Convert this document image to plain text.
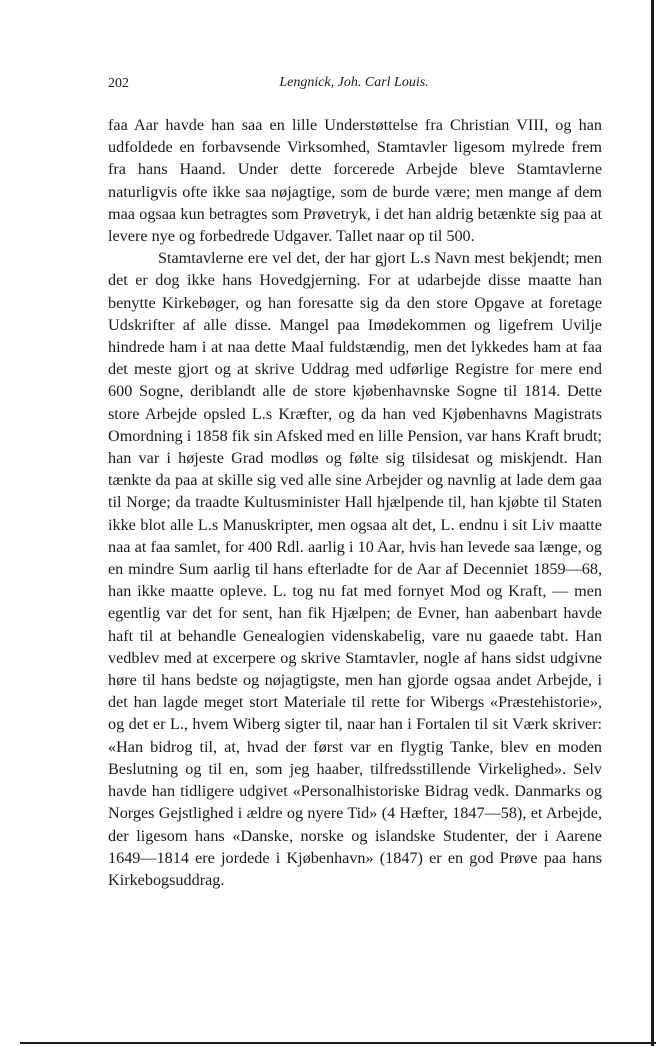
202	Lengnick, Joh. Carl Louis.

faa Aar havde han saa en lille Understøttelse fra Christian VIII, og han udfoldede en forbavsende Virksomhed, Stamtavler ligesom mylrede frem fra hans Haand. Under dette forcerede Arbejde bleve Stamtavlerne naturligvis ofte ikke saa nøjagtige, som de burde være; men mange af dem maa ogsaa kun betragtes som Prøvetryk, i det han aldrig betænkte sig paa at levere nye og forbedrede Udgaver. Tallet naar op til 500.

Stamtavlerne ere vel det, der har gjort L.s Navn mest bekjendt; men det er dog ikke hans Hovedgjerning. For at udarbejde disse maatte han benytte Kirkebøger, og han foresatte sig da den store Opgave at foretage Udskrifter af alle disse. Mangel paa Imødekommen og ligefrem Uvilje hindrede ham i at naa dette Maal fuldstændig, men det lykkedes ham at faa det meste gjort og at skrive Uddrag med udførlige Registre for mere end 600 Sogne, deriblandt alle de store kjøbenhavnske Sogne til 1814. Dette store Arbejde opsled L.s Kræfter, og da han ved Kjøbenhavns Magistrats Omordning i 1858 fik sin Afsked med en lille Pension, var hans Kraft brudt; han var i højeste Grad modløs og følte sig tilsidesat og miskjendt. Han tænkte da paa at skille sig ved alle sine Arbejder og navnlig at lade dem gaa til Norge; da traadte Kultusminister Hall hjælpende til, han kjøbte til Staten ikke blot alle L.s Manuskripter, men ogsaa alt det, L. endnu i sit Liv maatte naa at faa samlet, for 400 Rdl. aarlig i 10 Aar, hvis han levede saa længe, og en mindre Sum aarlig til hans efterladte for de Aar af Decenniet 1859—68, han ikke maatte opleve. L. tog nu fat med fornyet Mod og Kraft, — men egentlig var det for sent, han fik Hjælpen; de Evner, han aabenbart havde haft til at behandle Genealogien videnskabelig, vare nu gaaede tabt. Han vedblev med at excerpere og skrive Stamtavler, nogle af hans sidst udgivne høre til hans bedste og nøjagtigste, men han gjorde ogsaa andet Arbejde, i det han lagde meget stort Materiale til rette for Wibergs «Præstehistorie», og det er L., hvem Wiberg sigter til, naar han i Fortalen til sit Værk skriver: «Han bidrog til, at, hvad der først var en flygtig Tanke, blev en moden Beslutning og til en, som jeg haaber, tilfredsstillende Virkelighed». Selv havde han tidligere udgivet «Personalhistoriske Bidrag vedk. Danmarks og Norges Gejstlighed i ældre og nyere Tid» (4 Hæfter, 1847—58), et Arbejde, der ligesom hans «Danske, norske og islandske Studenter, der i Aarene 1649—1814 ere jordede i Kjøbenhavn» (1847) er en god Prøve paa hans Kirkebogsuddrag.
